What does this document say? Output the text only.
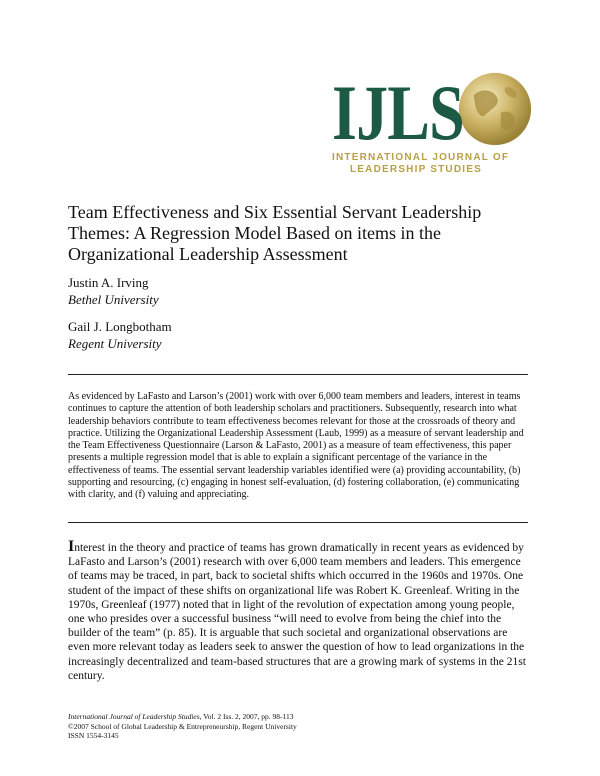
IJLS
INTERNATIONAL JOURNAL OF
LEADERSHIP STUDIES
Team Effectiveness and Six Essential Servant Leadership Themes: A Regression Model Based on items in the Organizational Leadership Assessment
Justin A. Irving
Bethel University
Gail J. Longbotham
Regent University

As evidenced by LaFasto and Larson’s (2001) work with over 6,000 team members and leaders, interest in teams continues to capture the attention of both leadership scholars and practitioners. Subsequently, research into what leadership behaviors contribute to team effectiveness becomes relevant for those at the crossroads of theory and practice. Utilizing the Organizational Leadership Assessment (Laub, 1999) as a measure of servant leadership and the Team Effectiveness Questionnaire (Larson & LaFasto, 2001) as a measure of team effectiveness, this paper presents a multiple regression model that is able to explain a significant percentage of the variance in the effectiveness of teams. The essential servant leadership variables identified were (a) providing accountability, (b) supporting and resourcing, (c) engaging in honest self-evaluation, (d) fostering collaboration, (e) communicating with clarity, and (f) valuing and appreciating.

Interest in the theory and practice of teams has grown dramatically in recent years as evidenced by LaFasto and Larson’s (2001) research with over 6,000 team members and leaders. This emergence of teams may be traced, in part, back to societal shifts which occurred in the 1960s and 1970s. One student of the impact of these shifts on organizational life was Robert K. Greenleaf. Writing in the 1970s, Greenleaf (1977) noted that in light of the revolution of expectation among young people, one who presides over a successful business “will need to evolve from being the chief into the builder of the team” (p. 85). It is arguable that such societal and organizational observations are even more relevant today as leaders seek to answer the question of how to lead organizations in the increasingly decentralized and team-based structures that are a growing mark of systems in the 21st century.

International Journal of Leadership Studies, Vol. 2 Iss. 2, 2007, pp. 98-113
©2007 School of Global Leadership & Entrepreneurship, Regent University
ISSN 1554-3145
